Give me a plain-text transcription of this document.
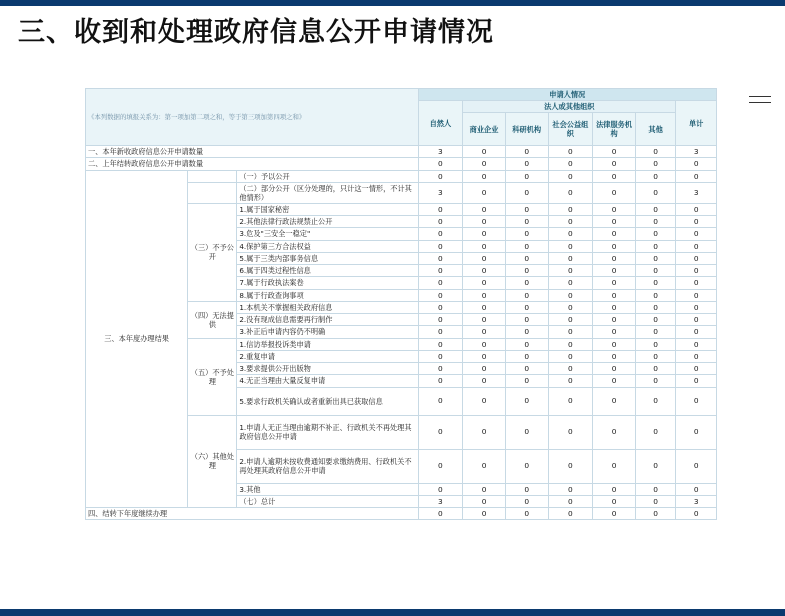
三、收到和处理政府信息公开申请情况
《本列数据的填报关系为：第一项加第二项之和，等于第三项加第四项之和》			申请人情况						
			自然人	法人或其他组织					单计
				商业企业	科研机构	社会公益组织	法律服务机构	其他	
一、本年新收政府信息公开申请数量			3	0	0	0	0	0	3
二、上年结转政府信息公开申请数量			0	0	0	0	0	0	0
三、本年度办理结果		（一）予以公开	0	0	0	0	0	0	0
		（二）部分公开（区分处理的，只计这一情形，不计其他情形）	3	0	0	0	0	0	3
	（三）不予公开	1.属于国家秘密	0	0	0	0	0	0	0
		2.其他法律行政法规禁止公开	0	0	0	0	0	0	0
		3.危及"三安全一稳定"	0	0	0	0	0	0	0
		4.保护第三方合法权益	0	0	0	0	0	0	0
		5.属于三类内部事务信息	0	0	0	0	0	0	0
		6.属于四类过程性信息	0	0	0	0	0	0	0
		7.属于行政执法案卷	0	0	0	0	0	0	0
		8.属于行政查询事项	0	0	0	0	0	0	0
	（四）无法提供	1.本机关不掌握相关政府信息	0	0	0	0	0	0	0
		2.没有现成信息需要再行制作	0	0	0	0	0	0	0
		3.补正后申请内容仍不明确	0	0	0	0	0	0	0
	（五）不予处理	1.信访举报投诉类申请	0	0	0	0	0	0	0
		2.重复申请	0	0	0	0	0	0	0
		3.要求提供公开出版物	0	0	0	0	0	0	0
		4.无正当理由大量反复申请	0	0	0	0	0	0	0
		5.要求行政机关确认或者重新出具已获取信息	0	0	0	0	0	0	0
	（六）其他处理	1.申请人无正当理由逾期不补正、行政机关不再处理其政府信息公开申请	0	0	0	0	0	0	0
		2.申请人逾期未按收费通知要求缴纳费用、行政机关不再处理其政府信息公开申请	0	0	0	0	0	0	0
		3.其他	0	0	0	0	0	0	0
		（七）总计	3	0	0	0	0	0	3
四、结转下年度继续办理			0	0	0	0	0	0	0
